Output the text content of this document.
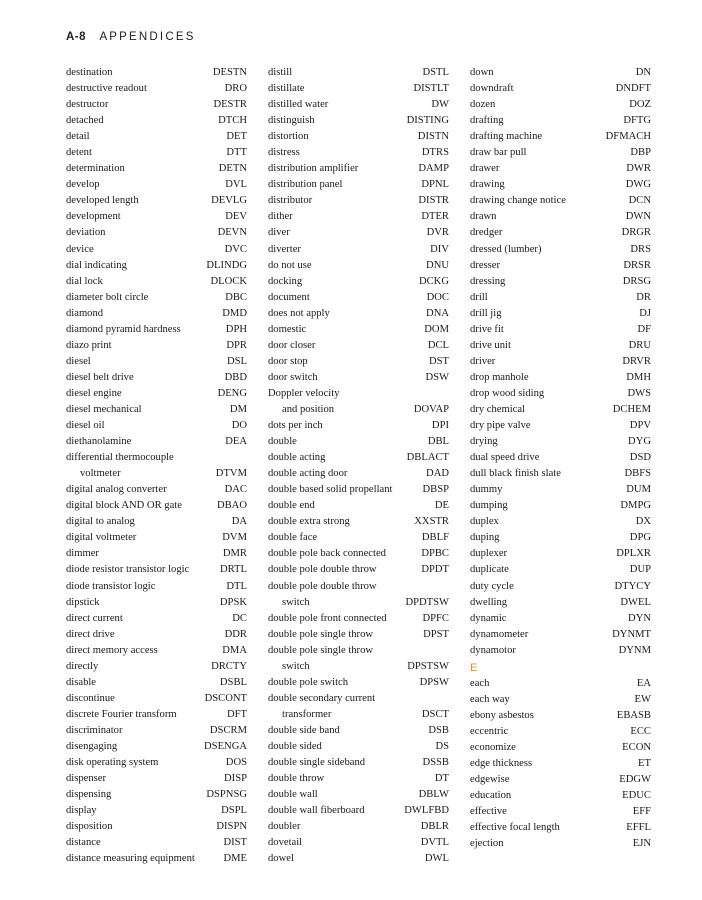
A-8 APPENDICES
destination	DESTN
destructive readout	DRO
destructor	DESTR
detached	DTCH
detail	DET
detent	DTT
determination	DETN
develop	DVL
developed length	DEVLG
development	DEV
deviation	DEVN
device	DVC
dial indicating	DLINDG
dial lock	DLOCK
diameter bolt circle	DBC
diamond	DMD
diamond pyramid hardness	DPH
diazo print	DPR
diesel	DSL
diesel belt drive	DBD
diesel engine	DENG
diesel mechanical	DM
diesel oil	DO
diethanolamine	DEA
differential thermocouple
voltmeter	DTVM
digital analog converter	DAC
digital block AND OR gate	DBAO
digital to analog	DA
digital voltmeter	DVM
dimmer	DMR
diode resistor transistor logic	DRTL
diode transistor logic	DTL
dipstick	DPSK
direct current	DC
direct drive	DDR
direct memory access	DMA
directly	DRCTY
disable	DSBL
discontinue	DSCONT
discrete Fourier transform	DFT
discriminator	DSCRM
disengaging	DSENGA
disk operating system	DOS
dispenser	DISP
dispensing	DSPNSG
display	DSPL
disposition	DISPN
distance	DIST
distance measuring equipment	DME
distill	DSTL
distillate	DISTLT
distilled water	DW
distinguish	DISTING
distortion	DISTN
distress	DTRS
distribution amplifier	DAMP
distribution panel	DPNL
distributor	DISTR
dither	DTER
diver	DVR
diverter	DIV
do not use	DNU
docking	DCKG
document	DOC
does not apply	DNA
domestic	DOM
door closer	DCL
door stop	DST
door switch	DSW
Doppler velocity
and position	DOVAP
dots per inch	DPI
double	DBL
double acting	DBLACT
double acting door	DAD
double based solid propellant	DBSP
double end	DE
double extra strong	XXSTR
double face	DBLF
double pole back connected	DPBC
double pole double throw	DPDT
double pole double throw
switch	DPDTSW
double pole front connected	DPFC
double pole single throw	DPST
double pole single throw
switch	DPSTSW
double pole switch	DPSW
double secondary current
transformer	DSCT
double side band	DSB
double sided	DS
double single sideband	DSSB
double throw	DT
double wall	DBLW
double wall fiberboard	DWLFBD
doubler	DBLR
dovetail	DVTL
dowel	DWL
down	DN
downdraft	DNDFT
dozen	DOZ
drafting	DFTG
drafting machine	DFMACH
draw bar pull	DBP
drawer	DWR
drawing	DWG
drawing change notice	DCN
drawn	DWN
dredger	DRGR
dressed (lumber)	DRS
dresser	DRSR
dressing	DRSG
drill	DR
drill jig	DJ
drive fit	DF
drive unit	DRU
driver	DRVR
drop manhole	DMH
drop wood siding	DWS
dry chemical	DCHEM
dry pipe valve	DPV
drying	DYG
dual speed drive	DSD
dull black finish slate	DBFS
dummy	DUM
dumping	DMPG
duplex	DX
duping	DPG
duplexer	DPLXR
duplicate	DUP
duty cycle	DTYCY
dwelling	DWEL
dynamic	DYN
dynamometer	DYNMT
dynamotor	DYNM
E
each	EA
each way	EW
ebony asbestos	EBASB
eccentric	ECC
economize	ECON
edge thickness	ET
edgewise	EDGW
education	EDUC
effective	EFF
effective focal length	EFFL
ejection	EJN
